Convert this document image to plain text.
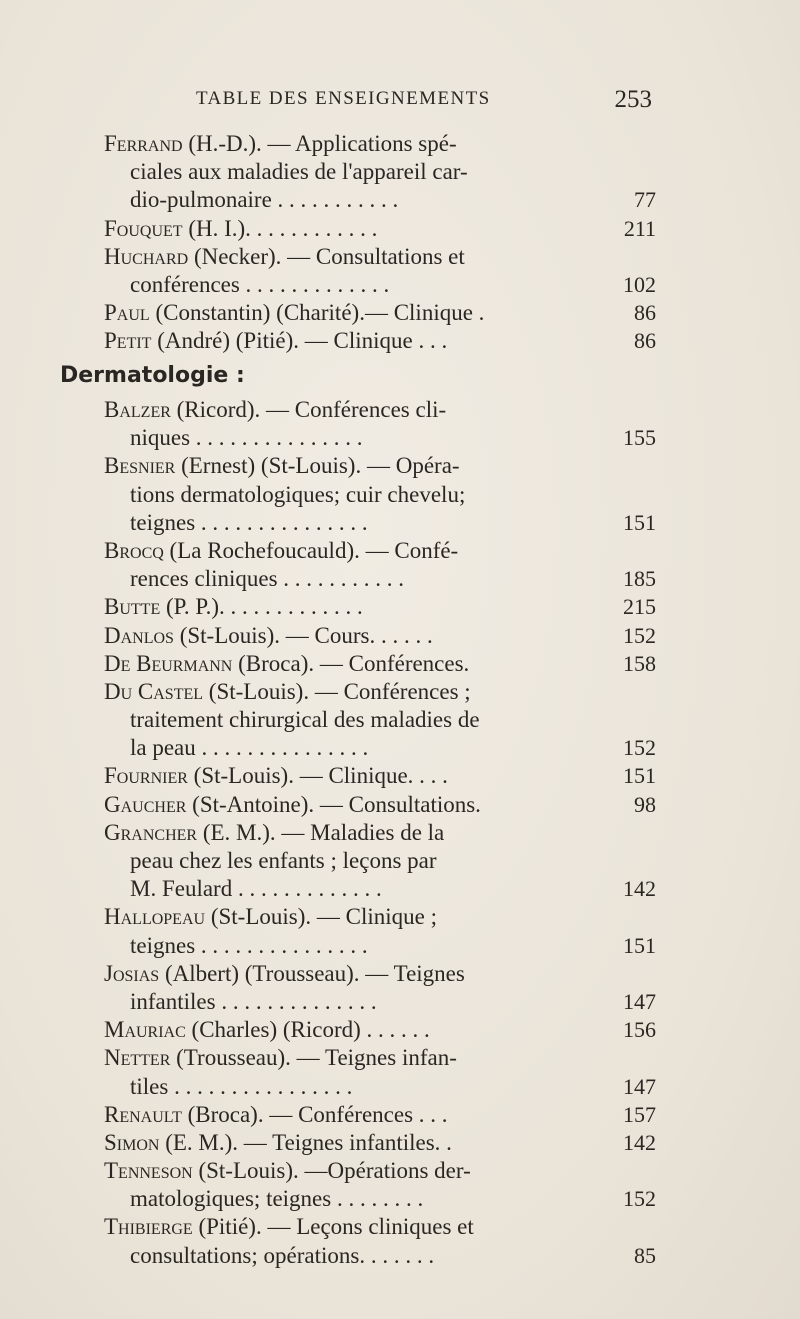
TABLE DES ENSEIGNEMENTS	253
Ferrand (H.-D.). — Applications spé-
ciales aux maladies de l'appareil car-
dio-pulmonaire . . . . . . . . . . .	77
Fouquet (H. I.). . . . . . . . . . . .	211
Huchard (Necker). — Consultations et
conférences . . . . . . . . . . . . .	102
Paul (Constantin) (Charité).— Clinique .	86
Petit (André) (Pitié). — Clinique . . .	86
Dermatologie :
Balzer (Ricord). — Conférences cli-
niques . . . . . . . . . . . . . . .	155
Besnier (Ernest) (St-Louis). — Opéra-
tions dermatologiques; cuir chevelu;
teignes . . . . . . . . . . . . . . .	151
Brocq (La Rochefoucauld). — Confé-
rences cliniques . . . . . . . . . . .	185
Butte (P. P.). . . . . . . . . . . . .	215
Danlos (St-Louis). — Cours. . . . . .	152
De Beurmann (Broca). — Conférences.	158
Du Castel (St-Louis). — Conférences ;
traitement chirurgical des maladies de
la peau . . . . . . . . . . . . . . .	152
Fournier (St-Louis). — Clinique. . . .	151
Gaucher (St-Antoine). — Consultations.	98
Grancher (E. M.). — Maladies de la
peau chez les enfants ; leçons par
M. Feulard . . . . . . . . . . . . .	142
Hallopeau (St-Louis). — Clinique ;
teignes . . . . . . . . . . . . . . .	151
Josias (Albert) (Trousseau). — Teignes
infantiles . . . . . . . . . . . . . .	147
Mauriac (Charles) (Ricord) . . . . . .	156
Netter (Trousseau). — Teignes infan-
tiles . . . . . . . . . . . . . . . .	147
Renault (Broca). — Conférences . . .	157
Simon (E. M.). — Teignes infantiles. .	142
Tenneson (St-Louis). —Opérations der-
matologiques; teignes . . . . . . . .	152
Thibierge (Pitié). — Leçons cliniques et
consultations; opérations. . . . . . .	85
